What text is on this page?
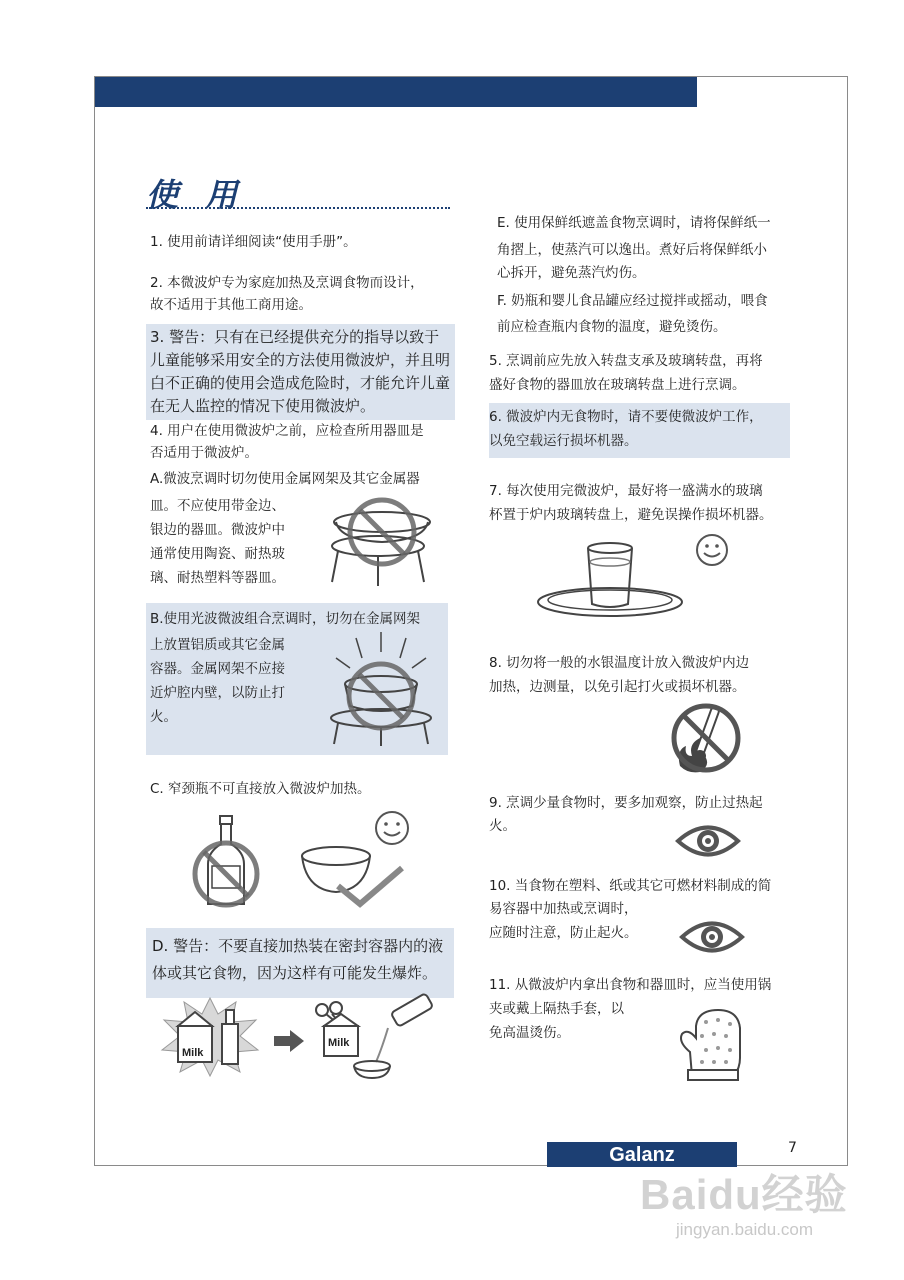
使 用
1. 使用前请详细阅读“使用手册”。
2. 本微波炉专为家庭加热及烹调食物而设计，
故不适用于其他工商用途。
3. 警告：只有在已经提供充分的指导以致于
儿童能够采用安全的方法使用微波炉，并且明
白不正确的使用会造成危险时，才能允许儿童
在无人监控的情况下使用微波炉。
4. 用户在使用微波炉之前，应检查所用器皿是
否适用于微波炉。
A.微波烹调时切勿使用金属网架及其它金属器
皿。不应使用带金边、
银边的器皿。微波炉中
通常使用陶瓷、耐热玻
璃、耐热塑料等器皿。
B.使用光波微波组合烹调时，切勿在金属网架
上放置铝质或其它金属
容器。金属网架不应接
近炉腔内壁，以防止打
火。
C. 窄颈瓶不可直接放入微波炉加热。
D. 警告：不要直接加热装在密封容器内的液
体或其它食物，因为这样有可能发生爆炸。
E. 使用保鲜纸遮盖食物烹调时，请将保鲜纸一
角摺上，使蒸汽可以逸出。煮好后将保鲜纸小
心拆开，避免蒸汽灼伤。
F. 奶瓶和婴儿食品罐应经过搅拌或摇动，喂食
前应检查瓶内食物的温度，避免烫伤。
5. 烹调前应先放入转盘支承及玻璃转盘，再将
盛好食物的器皿放在玻璃转盘上进行烹调。
6. 微波炉内无食物时，请不要使微波炉工作，
以免空载运行损坏机器。
7. 每次使用完微波炉，最好将一盛满水的玻璃
杯置于炉内玻璃转盘上，避免误操作损坏机器。
8. 切勿将一般的水银温度计放入微波炉内边
加热，边测量，以免引起打火或损坏机器。
9. 烹调少量食物时，要多加观察，防止过热起
火。
10. 当食物在塑料、纸或其它可燃材料制成的简
易容器中加热或烹调时，
应随时注意，防止起火。
11. 从微波炉内拿出食物和器皿时，应当使用锅
夹或戴上隔热手套，以
免高温烫伤。
Milk
Milk
Galanz	7
Baidu经验
jingyan.baidu.com
